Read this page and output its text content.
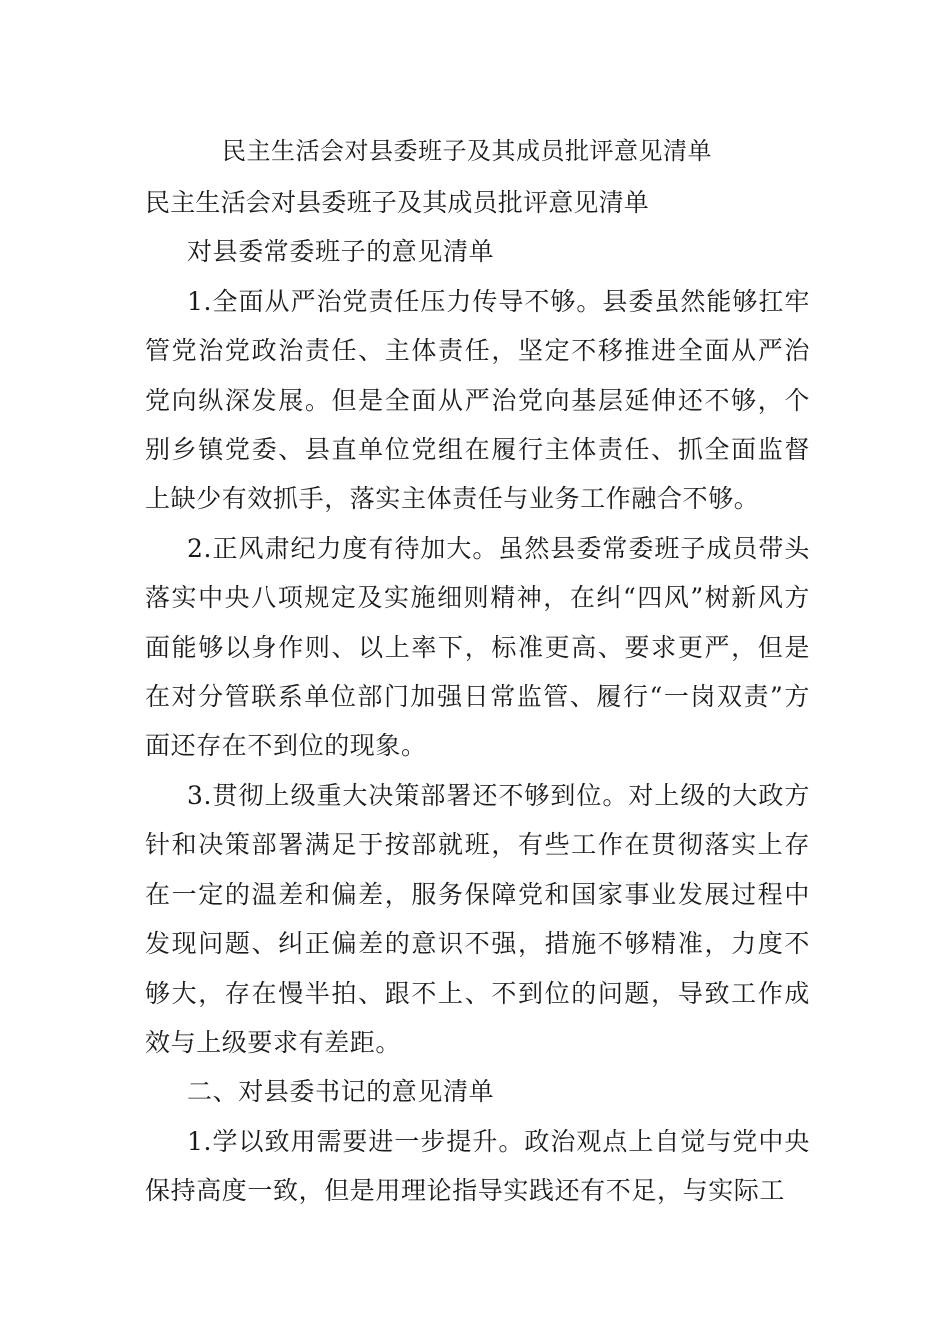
民主生活会对县委班子及其成员批评意见清单

民主生活会对县委班子及其成员批评意见清单

对县委常委班子的意见清单

1.全面从严治党责任压力传导不够。县委虽然能够扛牢管党治党政治责任、主体责任，坚定不移推进全面从严治党向纵深发展。但是全面从严治党向基层延伸还不够，个别乡镇党委、县直单位党组在履行主体责任、抓全面监督上缺少有效抓手，落实主体责任与业务工作融合不够。

2.正风肃纪力度有待加大。虽然县委常委班子成员带头落实中央八项规定及实施细则精神，在纠“四风”树新风方面能够以身作则、以上率下，标准更高、要求更严，但是在对分管联系单位部门加强日常监管、履行“一岗双责”方面还存在不到位的现象。

3.贯彻上级重大决策部署还不够到位。对上级的大政方针和决策部署满足于按部就班，有些工作在贯彻落实上存在一定的温差和偏差，服务保障党和国家事业发展过程中发现问题、纠正偏差的意识不强，措施不够精准，力度不够大，存在慢半拍、跟不上、不到位的问题，导致工作成效与上级要求有差距。

二、对县委书记的意见清单

1.学以致用需要进一步提升。政治观点上自觉与党中央保持高度一致，但是用理论指导实践还有不足，与实际工
